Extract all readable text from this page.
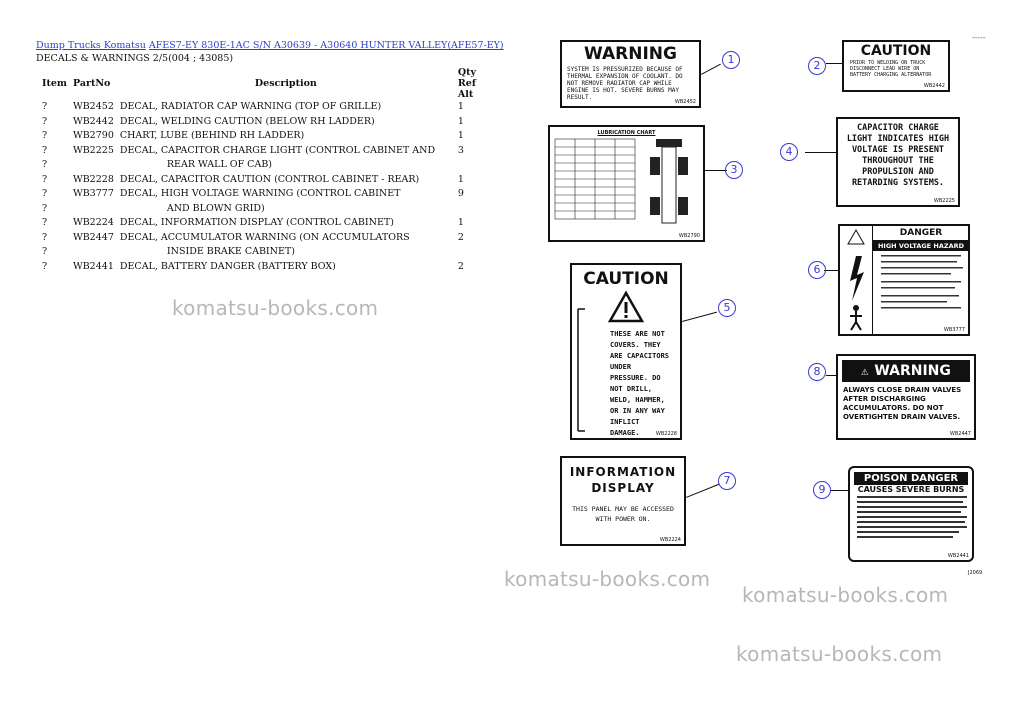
Dump Trucks Komatsu AFES7-EY 830E-1AC S/N A30639 - A30640 HUNTER VALLEY(AFE57-EY)
DECALS & WARNINGS 2/5(004 ; 43085)
Item	PartNo	Description	Qty Ref Alt
?	WB2452	DECAL, RADIATOR CAP WARNING (TOP OF GRILLE)	1
?	WB2442	DECAL, WELDING CAUTION (BELOW RH LADDER)	1
?	WB2790	CHART, LUBE (BEHIND RH LADDER)	1
?	WB2225	DECAL, CAPACITOR CHARGE LIGHT (CONTROL CABINET AND	3
?		REAR WALL OF CAB)	
?	WB2228	DECAL, CAPACITOR CAUTION (CONTROL CABINET - REAR)	1
?	WB3777	DECAL, HIGH VOLTAGE WARNING (CONTROL CABINET	9
?		AND BLOWN GRID)	
?	WB2224	DECAL, INFORMATION DISPLAY (CONTROL CABINET)	1
?	WB2447	DECAL, ACCUMULATOR WARNING (ON ACCUMULATORS	2
?		INSIDE BRAKE CABINET)	
?	WB2441	DECAL, BATTERY DANGER (BATTERY BOX)	2
komatsu-books.com
komatsu-books.com
komatsu-books.com
komatsu-books.com
-----
WARNING
SYSTEM IS PRESSURIZED BECAUSE OF THERMAL EXPANSION OF COOLANT. DO NOT REMOVE RADIATOR CAP WHILE ENGINE IS HOT. SEVERE BURNS MAY RESULT.
WB2452
CAUTION
PRIOR TO WELDING ON TRUCK DISCONNECT LEAD WIRE ON BATTERY CHARGING ALTERNATOR
WB2442
LUBRICATION CHART
WB2790
CAPACITOR CHARGE LIGHT INDICATES HIGH VOLTAGE IS PRESENT THROUGHOUT THE PROPULSION AND RETARDING SYSTEMS.
WB2225
CAUTION
THESE ARE NOT COVERS. THEY ARE CAPACITORS UNDER PRESSURE. DO NOT DRILL, WELD, HAMMER, OR IN ANY WAY INFLICT DAMAGE.	WB2228
DANGER
HIGH VOLTAGE HAZARD
WB3777
INFORMATION DISPLAY
THIS PANEL MAY BE ACCESSED WITH POWER ON.
WB2224
⚠ WARNING
ALWAYS CLOSE DRAIN VALVES AFTER DISCHARGING ACCUMULATORS. DO NOT OVERTIGHTEN DRAIN VALVES.
WB2447
POISON DANGER
CAUSES SEVERE BURNS
WB2441
J2069
1	2
3
4
5
6
7
8
9
